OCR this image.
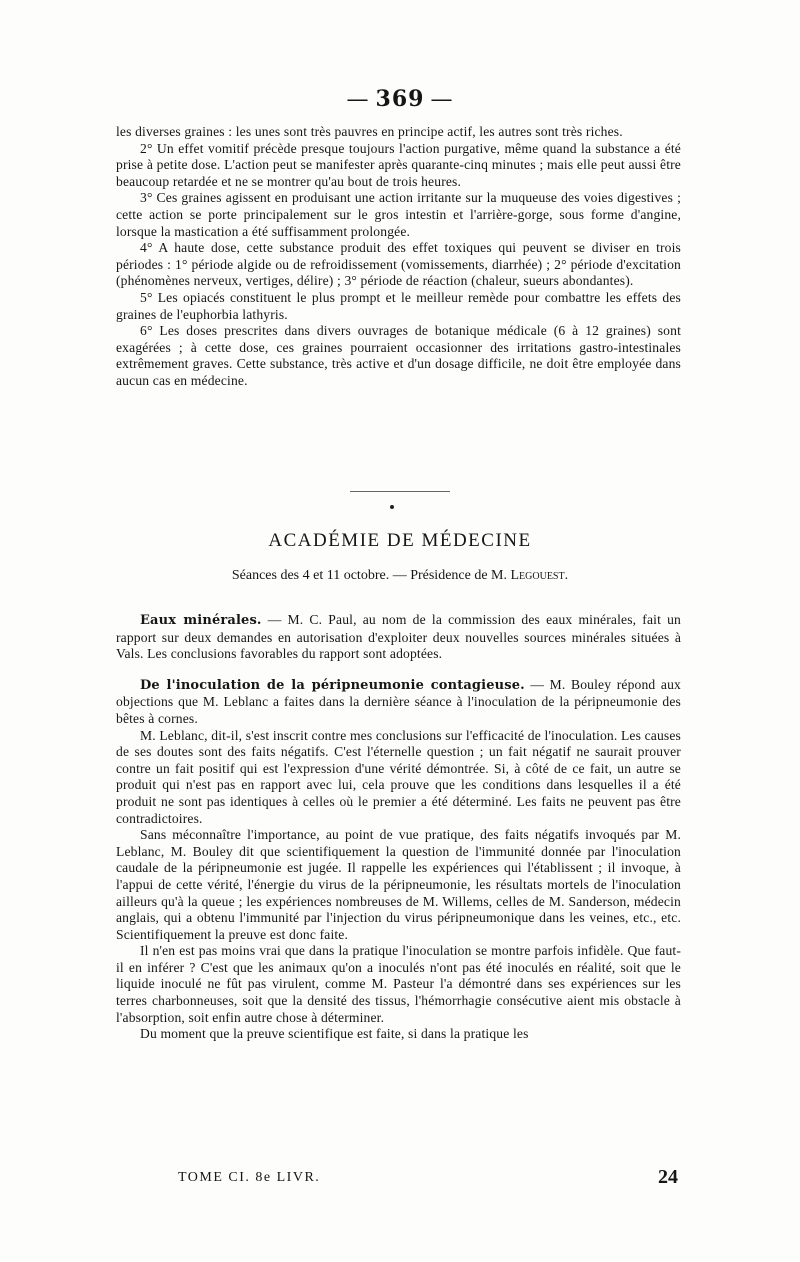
— 369 —

les diverses graines : les unes sont très pauvres en principe actif, les autres sont très riches.

2° Un effet vomitif précède presque toujours l'action purgative, même quand la substance a été prise à petite dose. L'action peut se manifester après quarante-cinq minutes ; mais elle peut aussi être beaucoup retardée et ne se montrer qu'au bout de trois heures.

3° Ces graines agissent en produisant une action irritante sur la muqueuse des voies digestives ; cette action se porte principalement sur le gros intestin et l'arrière-gorge, sous forme d'angine, lorsque la mastication a été suffisamment prolongée.

4° A haute dose, cette substance produit des effet toxiques qui peuvent se diviser en trois périodes : 1° période algide ou de refroidissement (vomissements, diarrhée) ; 2° période d'excitation (phénomènes nerveux, vertiges, délire) ; 3° période de réaction (chaleur, sueurs abondantes).

5° Les opiacés constituent le plus prompt et le meilleur remède pour combattre les effets des graines de l'euphorbia lathyris.

6° Les doses prescrites dans divers ouvrages de botanique médicale (6 à 12 graines) sont exagérées ; à cette dose, ces graines pourraient occasionner des irritations gastro-intestinales extrêmement graves. Cette substance, très active et d'un dosage difficile, ne doit être employée dans aucun cas en médecine.

ACADÉMIE DE MÉDECINE
Séances des 4 et 11 octobre. — Présidence de M. Legouest.

Eaux minérales. — M. C. Paul, au nom de la commission des eaux minérales, fait un rapport sur deux demandes en autorisation d'exploiter deux nouvelles sources minérales situées à Vals. Les conclusions favorables du rapport sont adoptées.

De l'inoculation de la péripneumonie contagieuse. — M. Bouley répond aux objections que M. Leblanc a faites dans la dernière séance à l'inoculation de la péripneumonie des bêtes à cornes.

M. Leblanc, dit-il, s'est inscrit contre mes conclusions sur l'efficacité de l'inoculation. Les causes de ses doutes sont des faits négatifs. C'est l'éternelle question ; un fait négatif ne saurait prouver contre un fait positif qui est l'expression d'une vérité démontrée. Si, à côté de ce fait, un autre se produit qui n'est pas en rapport avec lui, cela prouve que les conditions dans lesquelles il a été produit ne sont pas identiques à celles où le premier a été déterminé. Les faits ne peuvent pas être contradictoires.

Sans méconnaître l'importance, au point de vue pratique, des faits négatifs invoqués par M. Leblanc, M. Bouley dit que scientifiquement la question de l'immunité donnée par l'inoculation caudale de la péripneumonie est jugée. Il rappelle les expériences qui l'établissent ; il invoque, à l'appui de cette vérité, l'énergie du virus de la péripneumonie, les résultats mortels de l'inoculation ailleurs qu'à la queue ; les expériences nombreuses de M. Willems, celles de M. Sanderson, médecin anglais, qui a obtenu l'immunité par l'injection du virus péripneumonique dans les veines, etc., etc. Scientifiquement la preuve est donc faite.

Il n'en est pas moins vrai que dans la pratique l'inoculation se montre parfois infidèle. Que faut-il en inférer ? C'est que les animaux qu'on a inoculés n'ont pas été inoculés en réalité, soit que le liquide inoculé ne fût pas virulent, comme M. Pasteur l'a démontré dans ses expériences sur les terres charbonneuses, soit que la densité des tissus, l'hémorrhagie consécutive aient mis obstacle à l'absorption, soit enfin autre chose à déterminer.

Du moment que la preuve scientifique est faite, si dans la pratique les

TOME CI. 8e LIVR.	24
